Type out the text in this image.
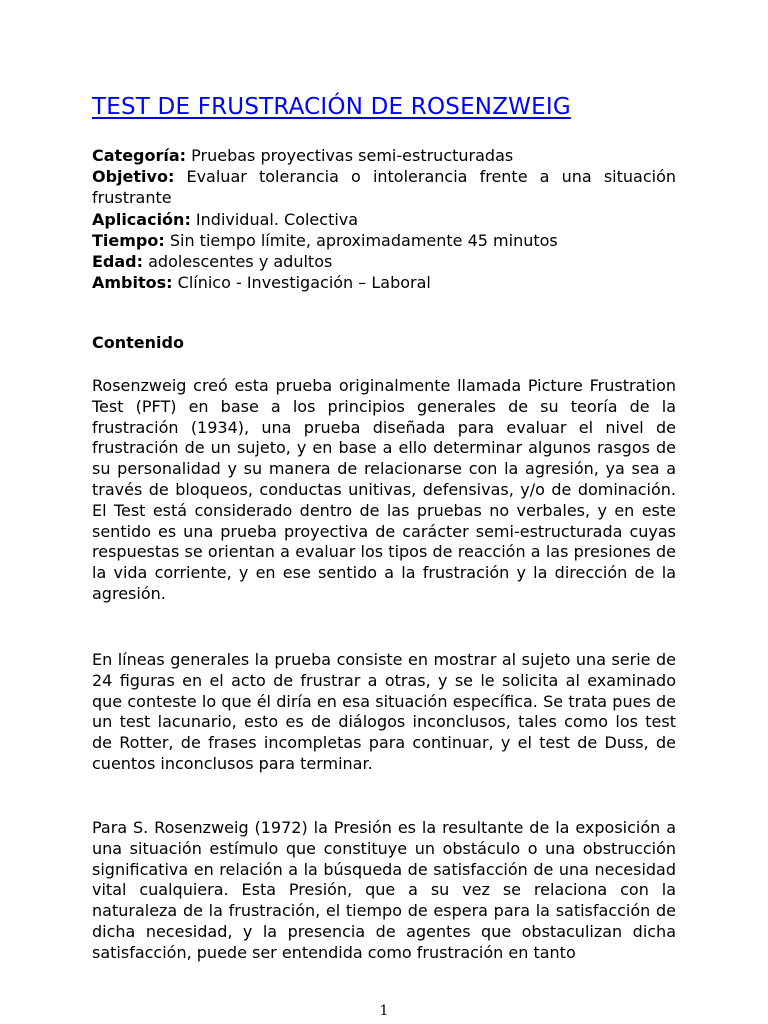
TEST DE FRUSTRACIÓN DE ROSENZWEIG
Categoría: Pruebas proyectivas semi-estructuradas
Objetivo: Evaluar tolerancia o intolerancia frente a una situación frustrante
Aplicación: Individual. Colectiva
Tiempo: Sin tiempo límite, aproximadamente 45 minutos
Edad: adolescentes y adultos
Ambitos: Clínico - Investigación – Laboral
Contenido

Rosenzweig creó esta prueba originalmente llamada Picture Frustration Test (PFT) en base a los principios generales de su teoría de la frustración (1934), una prueba diseñada para evaluar el nivel de frustración de un sujeto, y en base a ello determinar algunos rasgos de su personalidad y su manera de relacionarse con la agresión, ya sea a través de bloqueos, conductas unitivas, defensivas, y/o de dominación. El Test está considerado dentro de las pruebas no verbales, y en este sentido es una prueba proyectiva de carácter semi-estructurada cuyas respuestas se orientan a evaluar los tipos de reacción a las presiones de la vida corriente, y en ese sentido a la frustración y la dirección de la agresión.

En líneas generales la prueba consiste en mostrar al sujeto una serie de 24 figuras en el acto de frustrar a otras, y se le solicita al examinado que conteste lo que él diría en esa situación específica. Se trata pues de un test lacunario, esto es de diálogos inconclusos, tales como los test de Rotter, de frases incompletas para continuar, y el test de Duss, de cuentos inconclusos para terminar.

Para S. Rosenzweig (1972) la Presión es la resultante de la exposición a una situación estímulo que constituye un obstáculo o una obstrucción significativa en relación a la búsqueda de satisfacción de una necesidad vital cualquiera. Esta Presión, que a su vez se relaciona con la naturaleza de la frustración, el tiempo de espera para la satisfacción de dicha necesidad, y la presencia de agentes que obstaculizan dicha satisfacción, puede ser entendida como frustración en tanto

1
